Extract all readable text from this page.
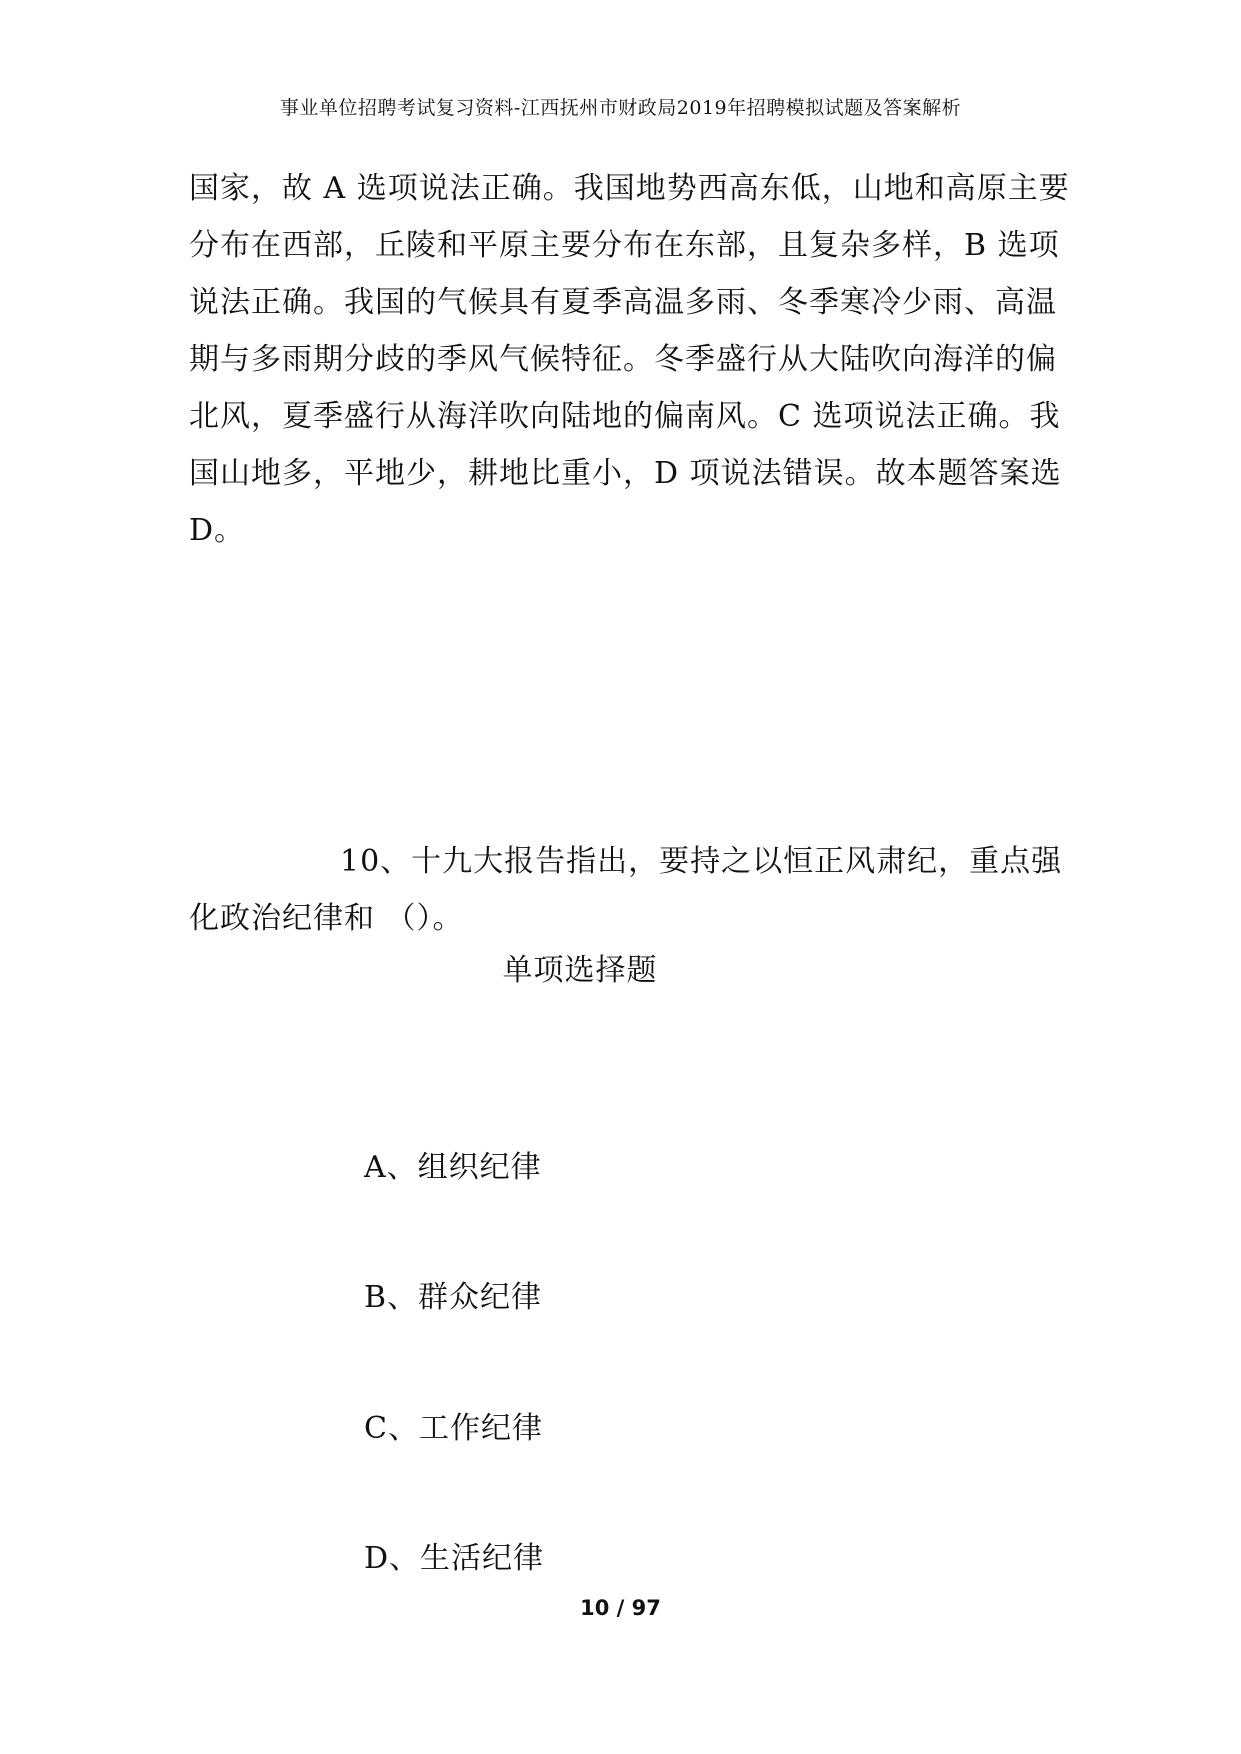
事业单位招聘考试复习资料-江西抚州市财政局2019年招聘模拟试题及答案解析
国家，故 A 选项说法正确。我国地势西高东低，山地和高原主要
分布在西部，丘陵和平原主要分布在东部，且复杂多样，B 选项
说法正确。我国的气候具有夏季高温多雨、冬季寒冷少雨、高温
期与多雨期分歧的季风气候特征。冬季盛行从大陆吹向海洋的偏
北风，夏季盛行从海洋吹向陆地的偏南风。C 选项说法正确。我
国山地多，平地少，耕地比重小，D 项说法错误。故本题答案选
D。
10、十九大报告指出，要持之以恒正风肃纪，重点强
化政治纪律和 （）。
单项选择题
A、组织纪律
B、群众纪律
C、工作纪律
D、生活纪律
10 / 97
